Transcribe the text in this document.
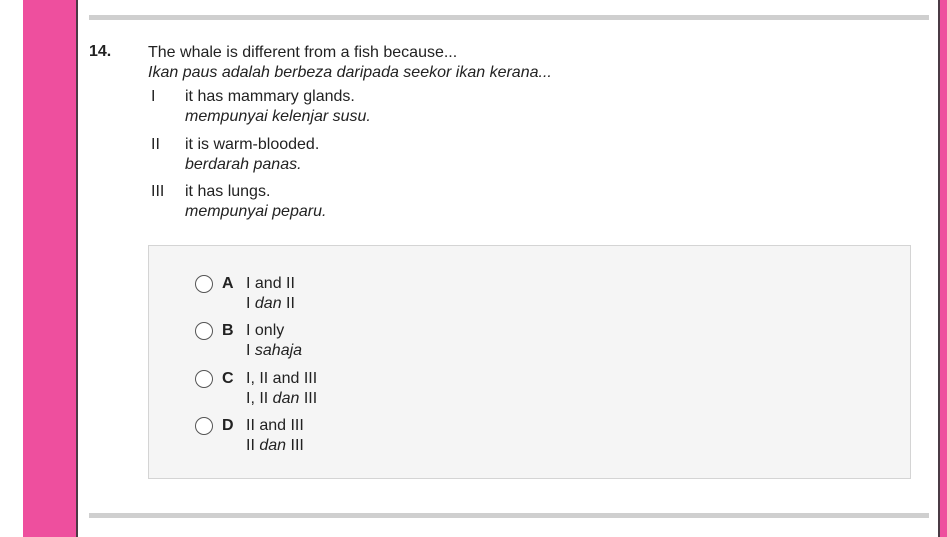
14. The whale is different from a fish because...
Ikan paus adalah berbeza daripada seekor ikan kerana...
I it has mammary glands.
mempunyai kelenjar susu.
II it is warm-blooded.
berdarah panas.
III it has lungs.
mempunyai peparu.
A I and II
I dan II
B I only
I sahaja
C I, II and III
I, II dan III
D II and III
II dan III
